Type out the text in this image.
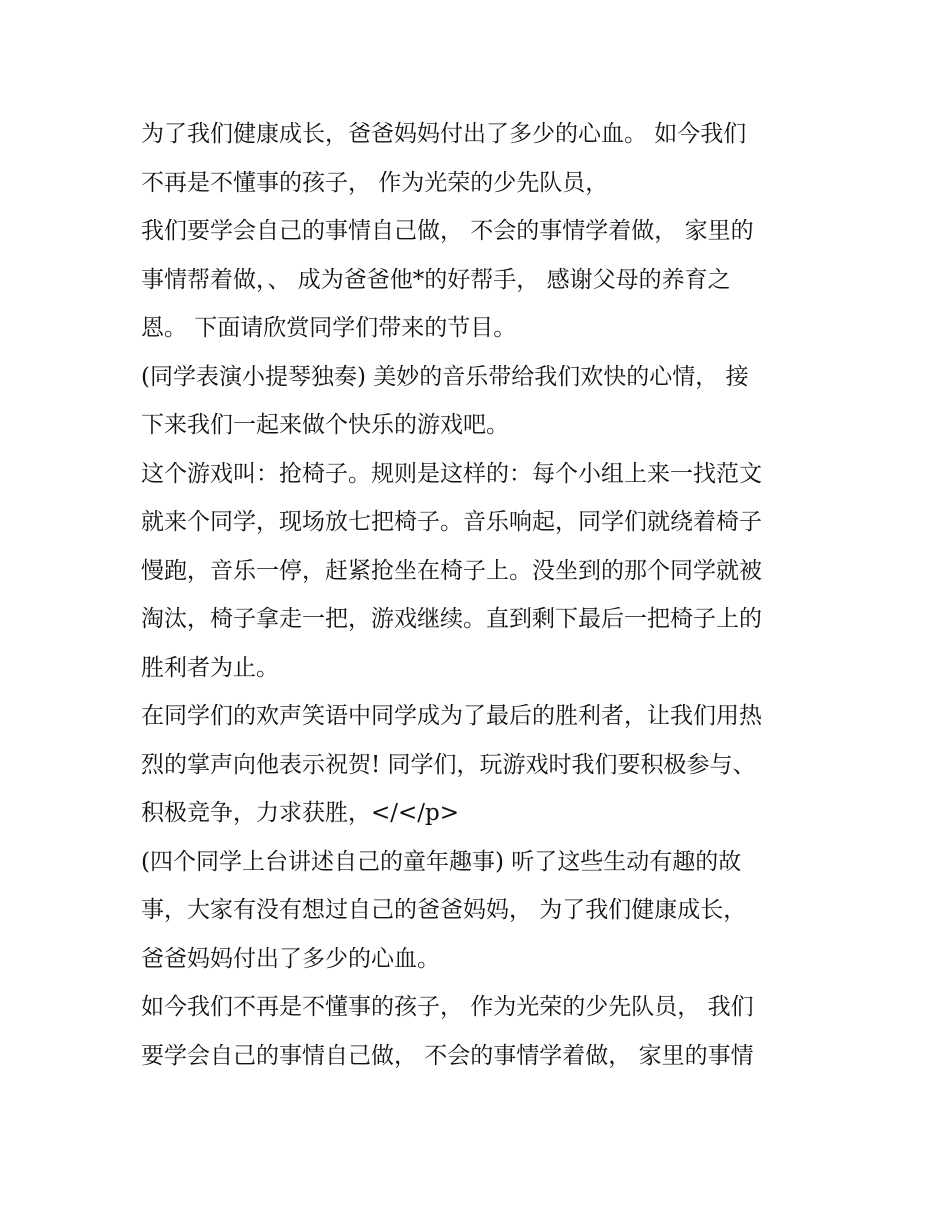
为了我们健康成长，爸爸妈妈付出了多少的心血。 如今我们
不再是不懂事的孩子， 作为光荣的少先队员，
我们要学会自己的事情自己做， 不会的事情学着做， 家里的
事情帮着做，、 成为爸爸他*的好帮手， 感谢父母的养育之
恩。 下面请欣赏同学们带来的节目。
(同学表演小提琴独奏) 美妙的音乐带给我们欢快的心情， 接
下来我们一起来做个快乐的游戏吧。
这个游戏叫：抢椅子。规则是这样的：每个小组上来一找范文
就来个同学，现场放七把椅子。音乐响起，同学们就绕着椅子
慢跑，音乐一停，赶紧抢坐在椅子上。没坐到的那个同学就被
淘汰，椅子拿走一把，游戏继续。直到剩下最后一把椅子上的
胜利者为止。
在同学们的欢声笑语中同学成为了最后的胜利者，让我们用热
烈的掌声向他表示祝贺! 同学们，玩游戏时我们要积极参与、
积极竞争，力求获胜，</</p>
(四个同学上台讲述自己的童年趣事) 听了这些生动有趣的故
事，大家有没有想过自己的爸爸妈妈， 为了我们健康成长，
爸爸妈妈付出了多少的心血。
如今我们不再是不懂事的孩子， 作为光荣的少先队员， 我们
要学会自己的事情自己做， 不会的事情学着做， 家里的事情
